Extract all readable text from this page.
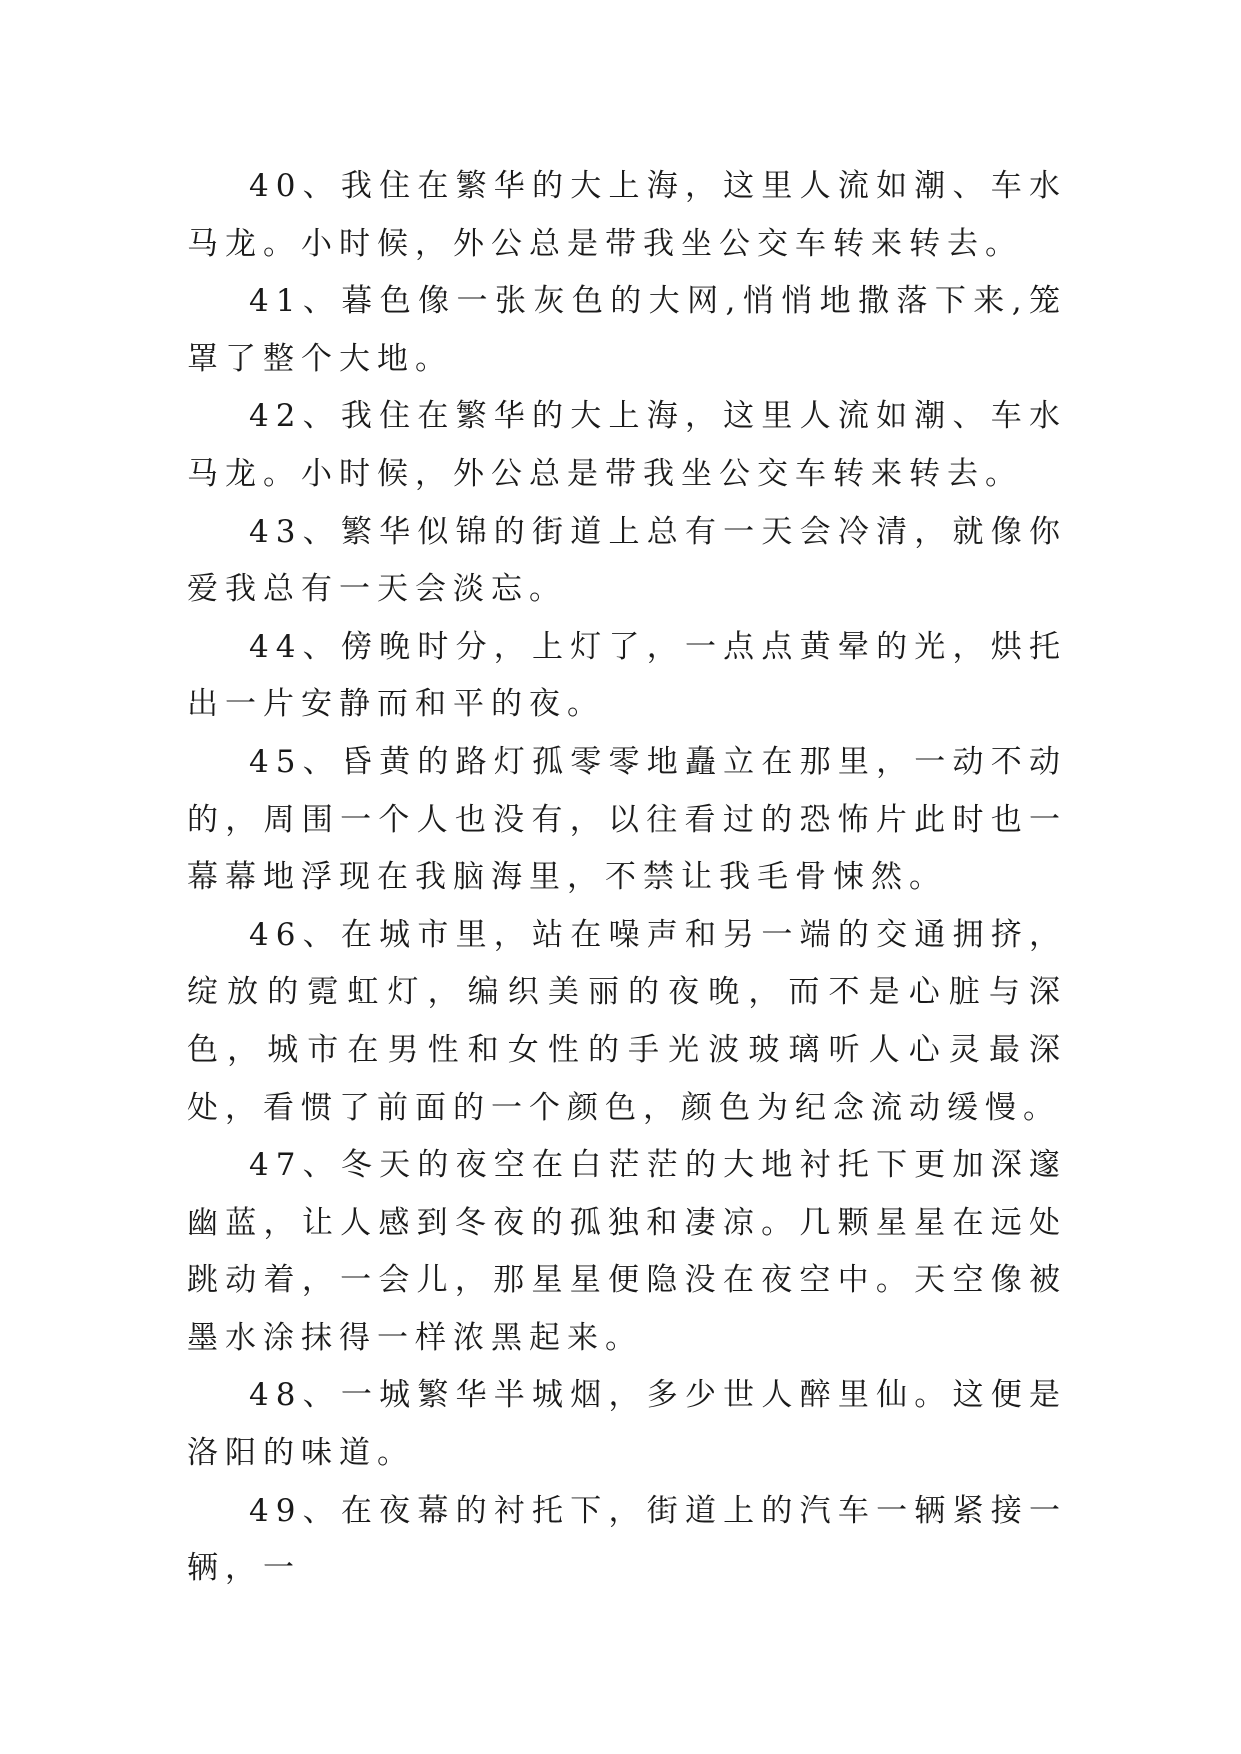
40、我住在繁华的大上海，这里人流如潮、车水马龙。小时候，外公总是带我坐公交车转来转去。

41、暮色像一张灰色的大网,悄悄地撒落下来,笼罩了整个大地。

42、我住在繁华的大上海，这里人流如潮、车水马龙。小时候，外公总是带我坐公交车转来转去。

43、繁华似锦的街道上总有一天会冷清，就像你爱我总有一天会淡忘。

44、傍晚时分，上灯了，一点点黄晕的光，烘托出一片安静而和平的夜。

45、昏黄的路灯孤零零地矗立在那里，一动不动的，周围一个人也没有，以往看过的恐怖片此时也一幕幕地浮现在我脑海里，不禁让我毛骨悚然。

46、在城市里，站在噪声和另一端的交通拥挤，绽放的霓虹灯，编织美丽的夜晚，而不是心脏与深色，城市在男性和女性的手光波玻璃听人心灵最深处，看惯了前面的一个颜色，颜色为纪念流动缓慢。

47、冬天的夜空在白茫茫的大地衬托下更加深邃幽蓝，让人感到冬夜的孤独和凄凉。几颗星星在远处跳动着，一会儿，那星星便隐没在夜空中。天空像被墨水涂抹得一样浓黑起来。

48、一城繁华半城烟，多少世人醉里仙。这便是洛阳的味道。

49、在夜幕的衬托下，街道上的汽车一辆紧接一辆，一
